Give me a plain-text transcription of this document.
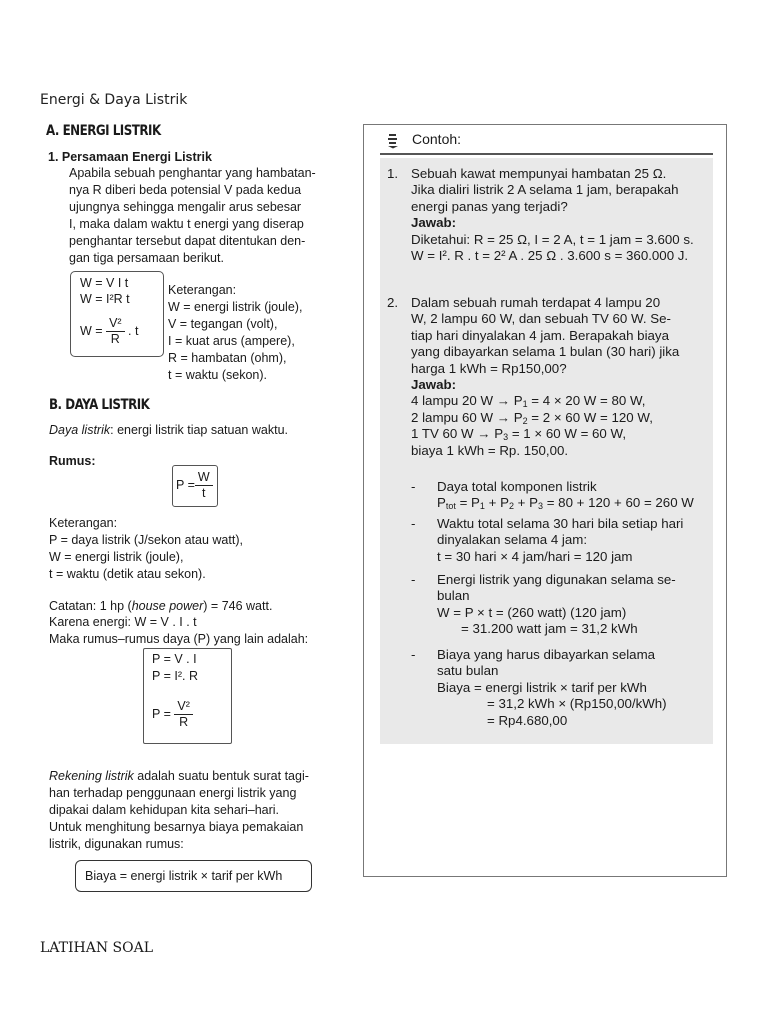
Energi & Daya Listrik
A. ENERGI LISTRIK
1. Persamaan Energi Listrik
Apabila sebuah penghantar yang hambatan-
nya R diberi beda potensial V pada kedua
ujungnya sehingga mengalir arus sebesar
I, maka dalam waktu t energi yang diserap
penghantar tersebut dapat ditentukan den-
gan tiga persamaan berikut.
W = V I t
W = I²R t
$W = \frac{\text{V²}}{R}$ . t
Keterangan:
W = energi listrik (joule),
V = tegangan (volt),
I = kuat arus (ampere),
R = hambatan (ohm),
t = waktu (sekon).
B. DAYA LISTRIK
Daya listrik: energi listrik tiap satuan waktu.
Rumus:
$P = \frac{W}{t}$
Keterangan:
P = daya listrik (J/sekon atau watt),
W = energi listrik (joule),
t = waktu (detik atau sekon).
Catatan: 1 hp (house power) = 746 watt.
Karena energi: W = V . I . t
Maka rumus–rumus daya (P) yang lain adalah:
P = V . I
P = I². R
$P = \frac{\text{V²}}{R}$
Rekening listrik adalah suatu bentuk surat tagi-
han terhadap penggunaan energi listrik yang
dipakai dalam kehidupan kita sehari–hari.
Untuk menghitung besarnya biaya pemakaian
listrik, digunakan rumus:
Biaya = energi listrik × tarif per kWh
Contoh:
1. Sebuah kawat mempunyai hambatan 25 Ω.
Jika dialiri listrik 2 A selama 1 jam, berapakah
energi panas yang terjadi?
Jawab:
Diketahui: R = 25 Ω, I = 2 A, t = 1 jam = 3.600 s.
W = I². R . t = 2² A . 25 Ω . 3.600 s = 360.000 J.
2. Dalam sebuah rumah terdapat 4 lampu 20
W, 2 lampu 60 W, dan sebuah TV 60 W. Se-
tiap hari dinyalakan 4 jam. Berapakah biaya
yang dibayarkan selama 1 bulan (30 hari) jika
harga 1 kWh = Rp150,00?
Jawab:
4 lampu 20 $W \to P_1 = 4 \times 20$ W = 80 W,
2 lampu 60 $W \to P_2 = 2 \times 60$ W = 120 W,
1 TV 60 $W \to P_3 = 1 \times 60$ W = 60 W,
biaya 1 kWh = Rp. 150,00.
- Daya total komponen listrik
$P_{tot} = P_1 + P_2 + P_3 = 80 + 120 + 60 = 260$ W
- Waktu total selama 30 hari bila setiap hari
dinyalakan selama 4 jam:
t = 30 hari × 4 jam/hari = 120 jam
- Energi listrik yang digunakan selama se-
bulan
W = P × t = (260 watt) (120 jam)
= 31.200 watt jam = 31,2 kWh
- Biaya yang harus dibayarkan selama
satu bulan
Biaya = energi listrik × tarif per kWh
= 31,2 kWh × (Rp150,00/kWh)
= Rp4.680,00
LATIHAN SOAL
